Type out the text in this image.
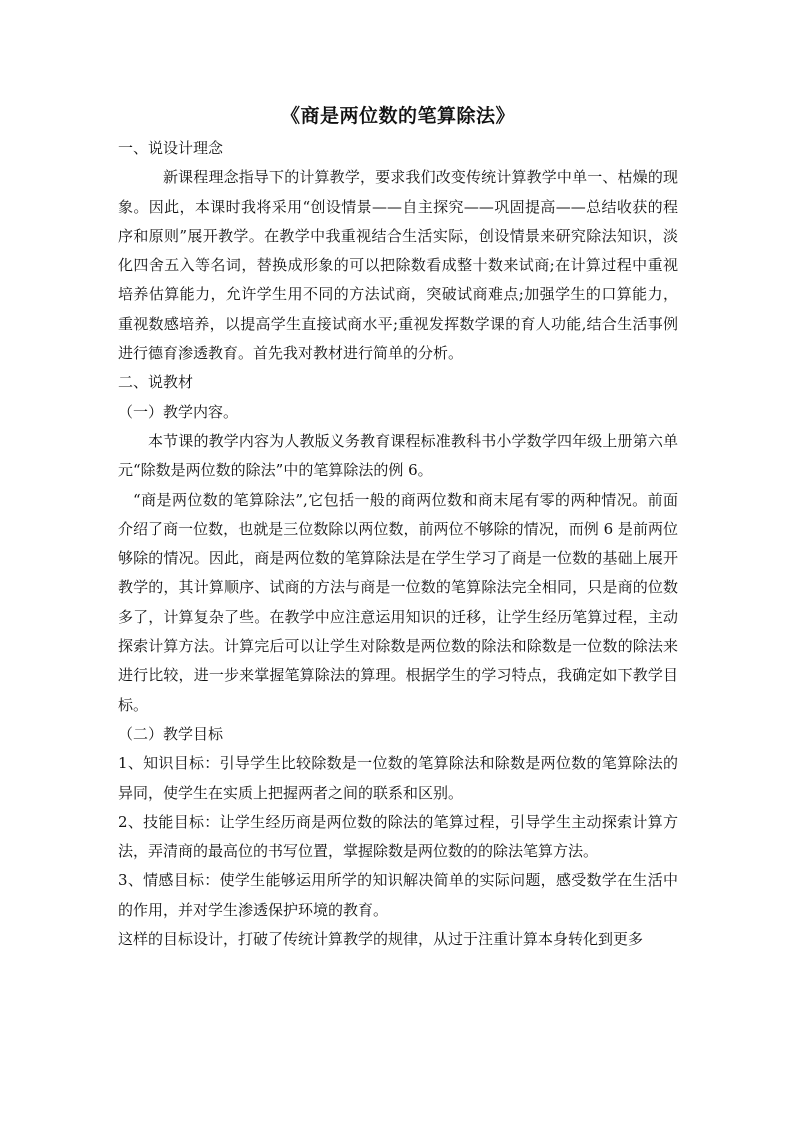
《商是两位数的笔算除法》

一、说设计理念

新课程理念指导下的计算教学，要求我们改变传统计算教学中单一、枯燥的现象。因此，本课时我将采用“创设情景——自主探究——巩固提高——总结收获的程序和原则”展开教学。在教学中我重视结合生活实际，创设情景来研究除法知识，淡化四舍五入等名词，替换成形象的可以把除数看成整十数来试商;在计算过程中重视培养估算能力，允许学生用不同的方法试商，突破试商难点;加强学生的口算能力，重视数感培养，以提高学生直接试商水平;重视发挥数学课的育人功能,结合生活事例进行德育渗透教育。首先我对教材进行简单的分析。

二、说教材

（一）教学内容。

本节课的教学内容为人教版义务教育课程标准教科书小学数学四年级上册第六单元“除数是两位数的除法”中的笔算除法的例 6。

“商是两位数的笔算除法”,它包括一般的商两位数和商末尾有零的两种情况。前面介绍了商一位数，也就是三位数除以两位数，前两位不够除的情况，而例 6 是前两位够除的情况。因此，商是两位数的笔算除法是在学生学习了商是一位数的基础上展开教学的，其计算顺序、试商的方法与商是一位数的笔算除法完全相同，只是商的位数多了，计算复杂了些。在教学中应注意运用知识的迁移，让学生经历笔算过程，主动探索计算方法。计算完后可以让学生对除数是两位数的除法和除数是一位数的除法来进行比较，进一步来掌握笔算除法的算理。根据学生的学习特点，我确定如下教学目标。

（二）教学目标

1、知识目标：引导学生比较除数是一位数的笔算除法和除数是两位数的笔算除法的异同，使学生在实质上把握两者之间的联系和区别。

2、技能目标：让学生经历商是两位数的除法的笔算过程，引导学生主动探索计算方法，弄清商的最高位的书写位置，掌握除数是两位数的的除法笔算方法。

3、情感目标：使学生能够运用所学的知识解决简单的实际问题，感受数学在生活中的作用，并对学生渗透保护环境的教育。

这样的目标设计，打破了传统计算教学的规律，从过于注重计算本身转化到更多
